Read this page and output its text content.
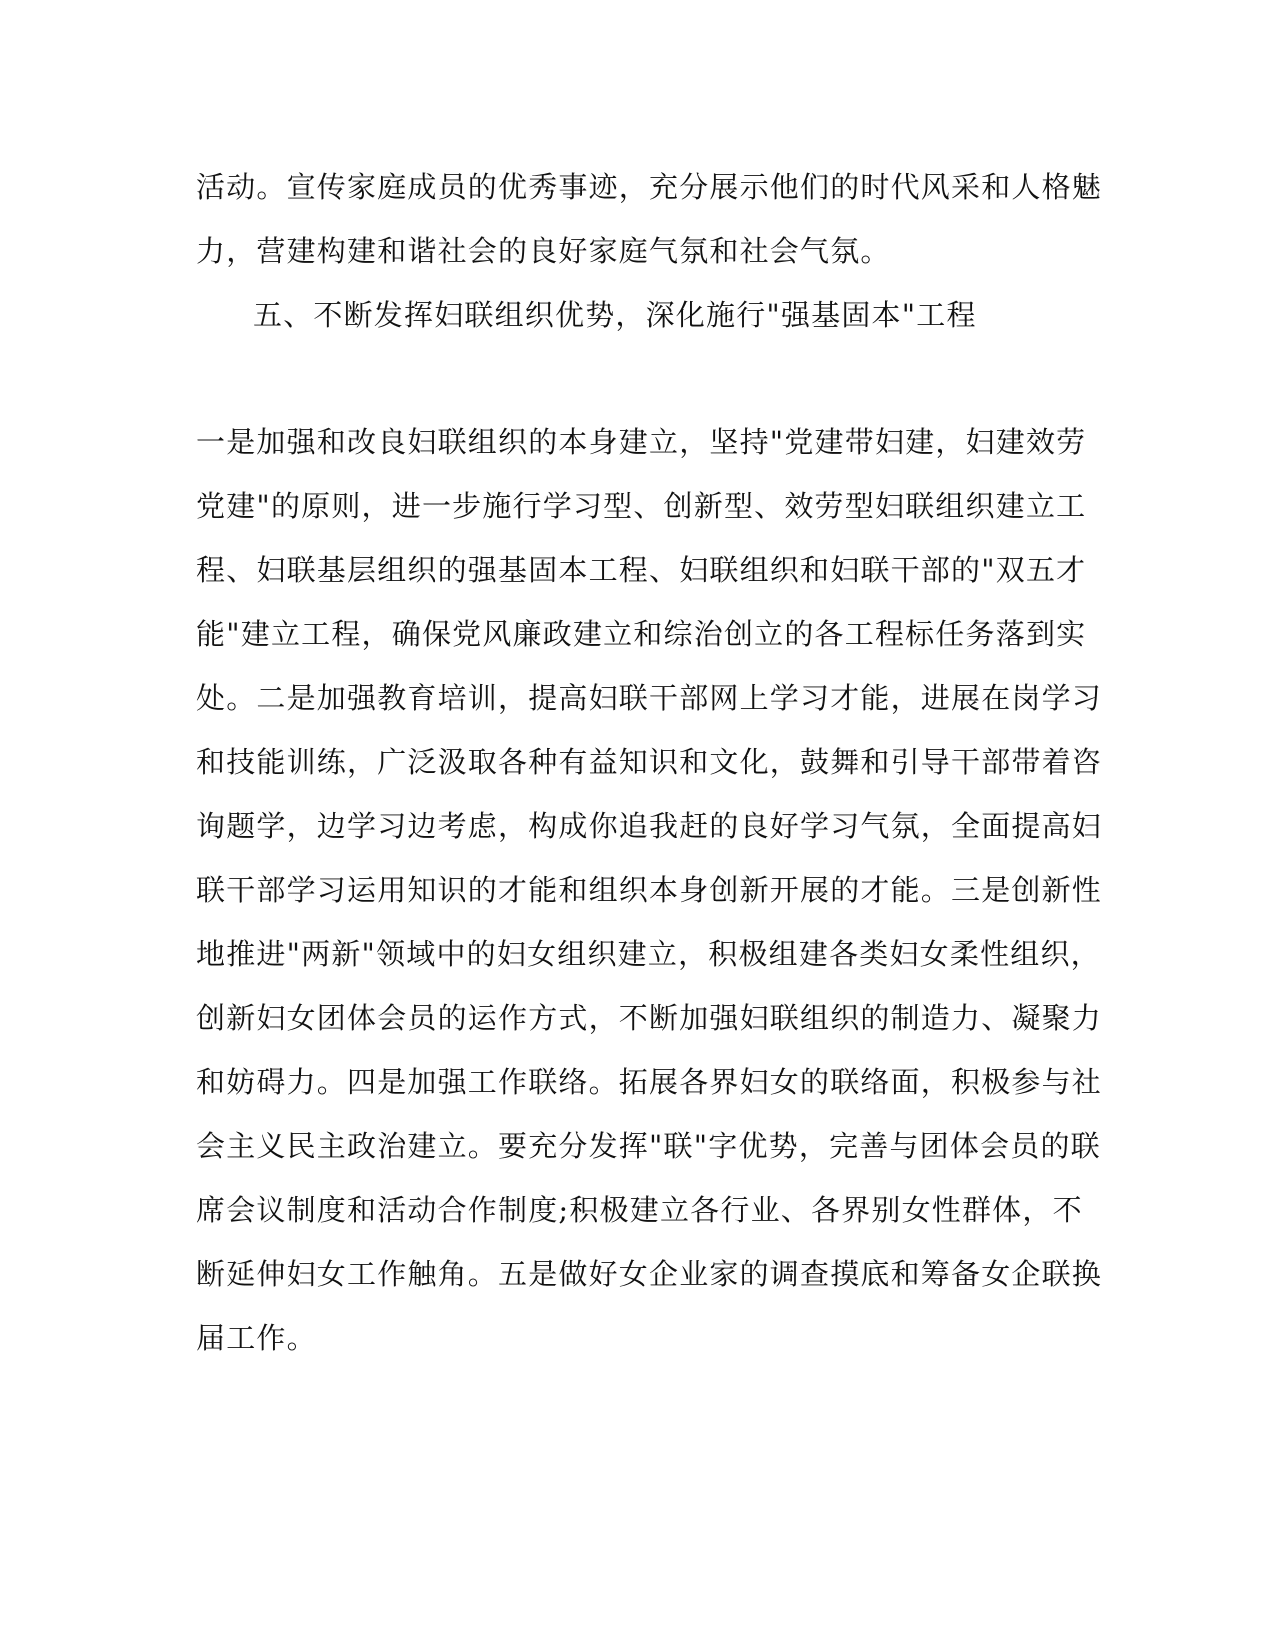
活动。宣传家庭成员的优秀事迹，充分展示他们的时代风采和人格魅
力，营建构建和谐社会的良好家庭气氛和社会气氛。
五、不断发挥妇联组织优势，深化施行"强基固本"工程
一是加强和改良妇联组织的本身建立，坚持"党建带妇建，妇建效劳
党建"的原则，进一步施行学习型、创新型、效劳型妇联组织建立工
程、妇联基层组织的强基固本工程、妇联组织和妇联干部的"双五才
能"建立工程，确保党风廉政建立和综治创立的各工程标任务落到实
处。二是加强教育培训，提高妇联干部网上学习才能，进展在岗学习
和技能训练，广泛汲取各种有益知识和文化，鼓舞和引导干部带着咨
询题学，边学习边考虑，构成你追我赶的良好学习气氛，全面提高妇
联干部学习运用知识的才能和组织本身创新开展的才能。三是创新性
地推进"两新"领域中的妇女组织建立，积极组建各类妇女柔性组织，
创新妇女团体会员的运作方式，不断加强妇联组织的制造力、凝聚力
和妨碍力。四是加强工作联络。拓展各界妇女的联络面，积极参与社
会主义民主政治建立。要充分发挥"联"字优势，完善与团体会员的联
席会议制度和活动合作制度;积极建立各行业、各界别女性群体，不
断延伸妇女工作触角。五是做好女企业家的调查摸底和筹备女企联换
届工作。
